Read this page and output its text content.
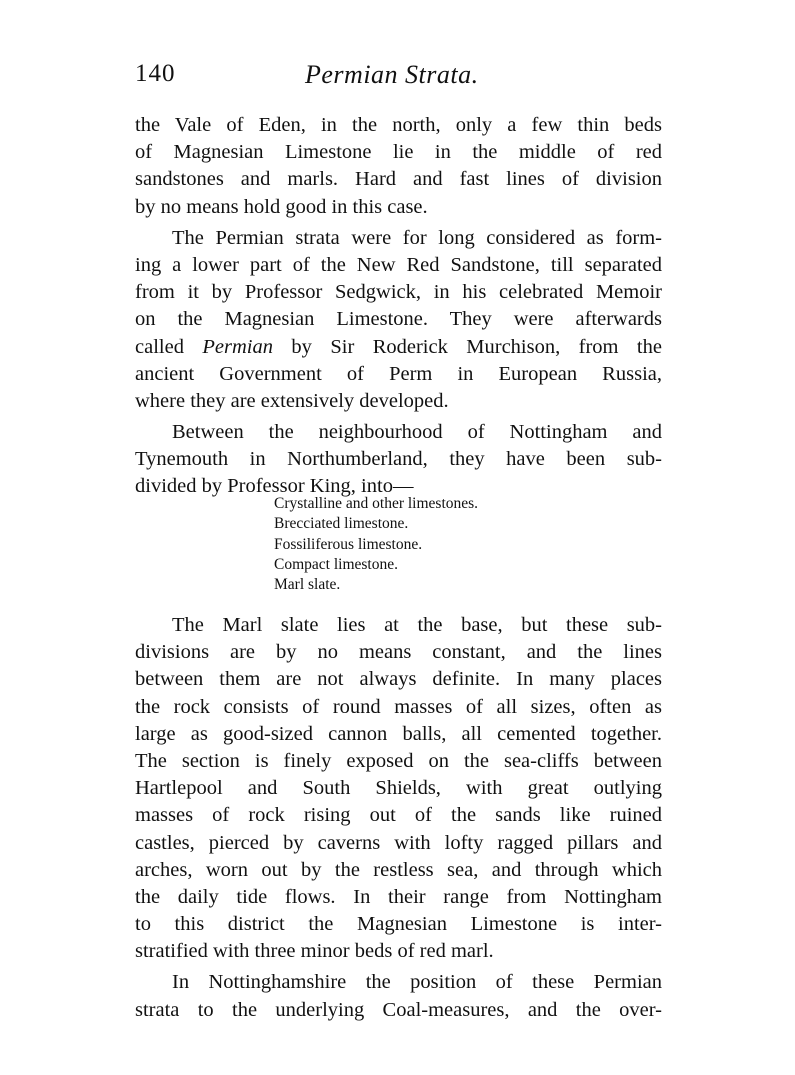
140	Permian Strata.
the Vale of Eden, in the north, only a few thin beds
of Magnesian Limestone lie in the middle of red
sandstones and marls. Hard and fast lines of division
by no means hold good in this case.
The Permian strata were for long considered as form-
ing a lower part of the New Red Sandstone, till separated
from it by Professor Sedgwick, in his celebrated Memoir
on the Magnesian Limestone. They were afterwards
called Permian by Sir Roderick Murchison, from the
ancient Government of Perm in European Russia,
where they are extensively developed.
Between the neighbourhood of Nottingham and
Tynemouth in Northumberland, they have been sub-
divided by Professor King, into—
Crystalline and other limestones.
Brecciated limestone.
Fossiliferous limestone.
Compact limestone.
Marl slate.
The Marl slate lies at the base, but these sub-
divisions are by no means constant, and the lines
between them are not always definite. In many places
the rock consists of round masses of all sizes, often as
large as good-sized cannon balls, all cemented together.
The section is finely exposed on the sea-cliffs between
Hartlepool and South Shields, with great outlying
masses of rock rising out of the sands like ruined
castles, pierced by caverns with lofty ragged pillars and
arches, worn out by the restless sea, and through which
the daily tide flows. In their range from Nottingham
to this district the Magnesian Limestone is inter-
stratified with three minor beds of red marl.
In Nottinghamshire the position of these Permian
strata to the underlying Coal-measures, and the over-
